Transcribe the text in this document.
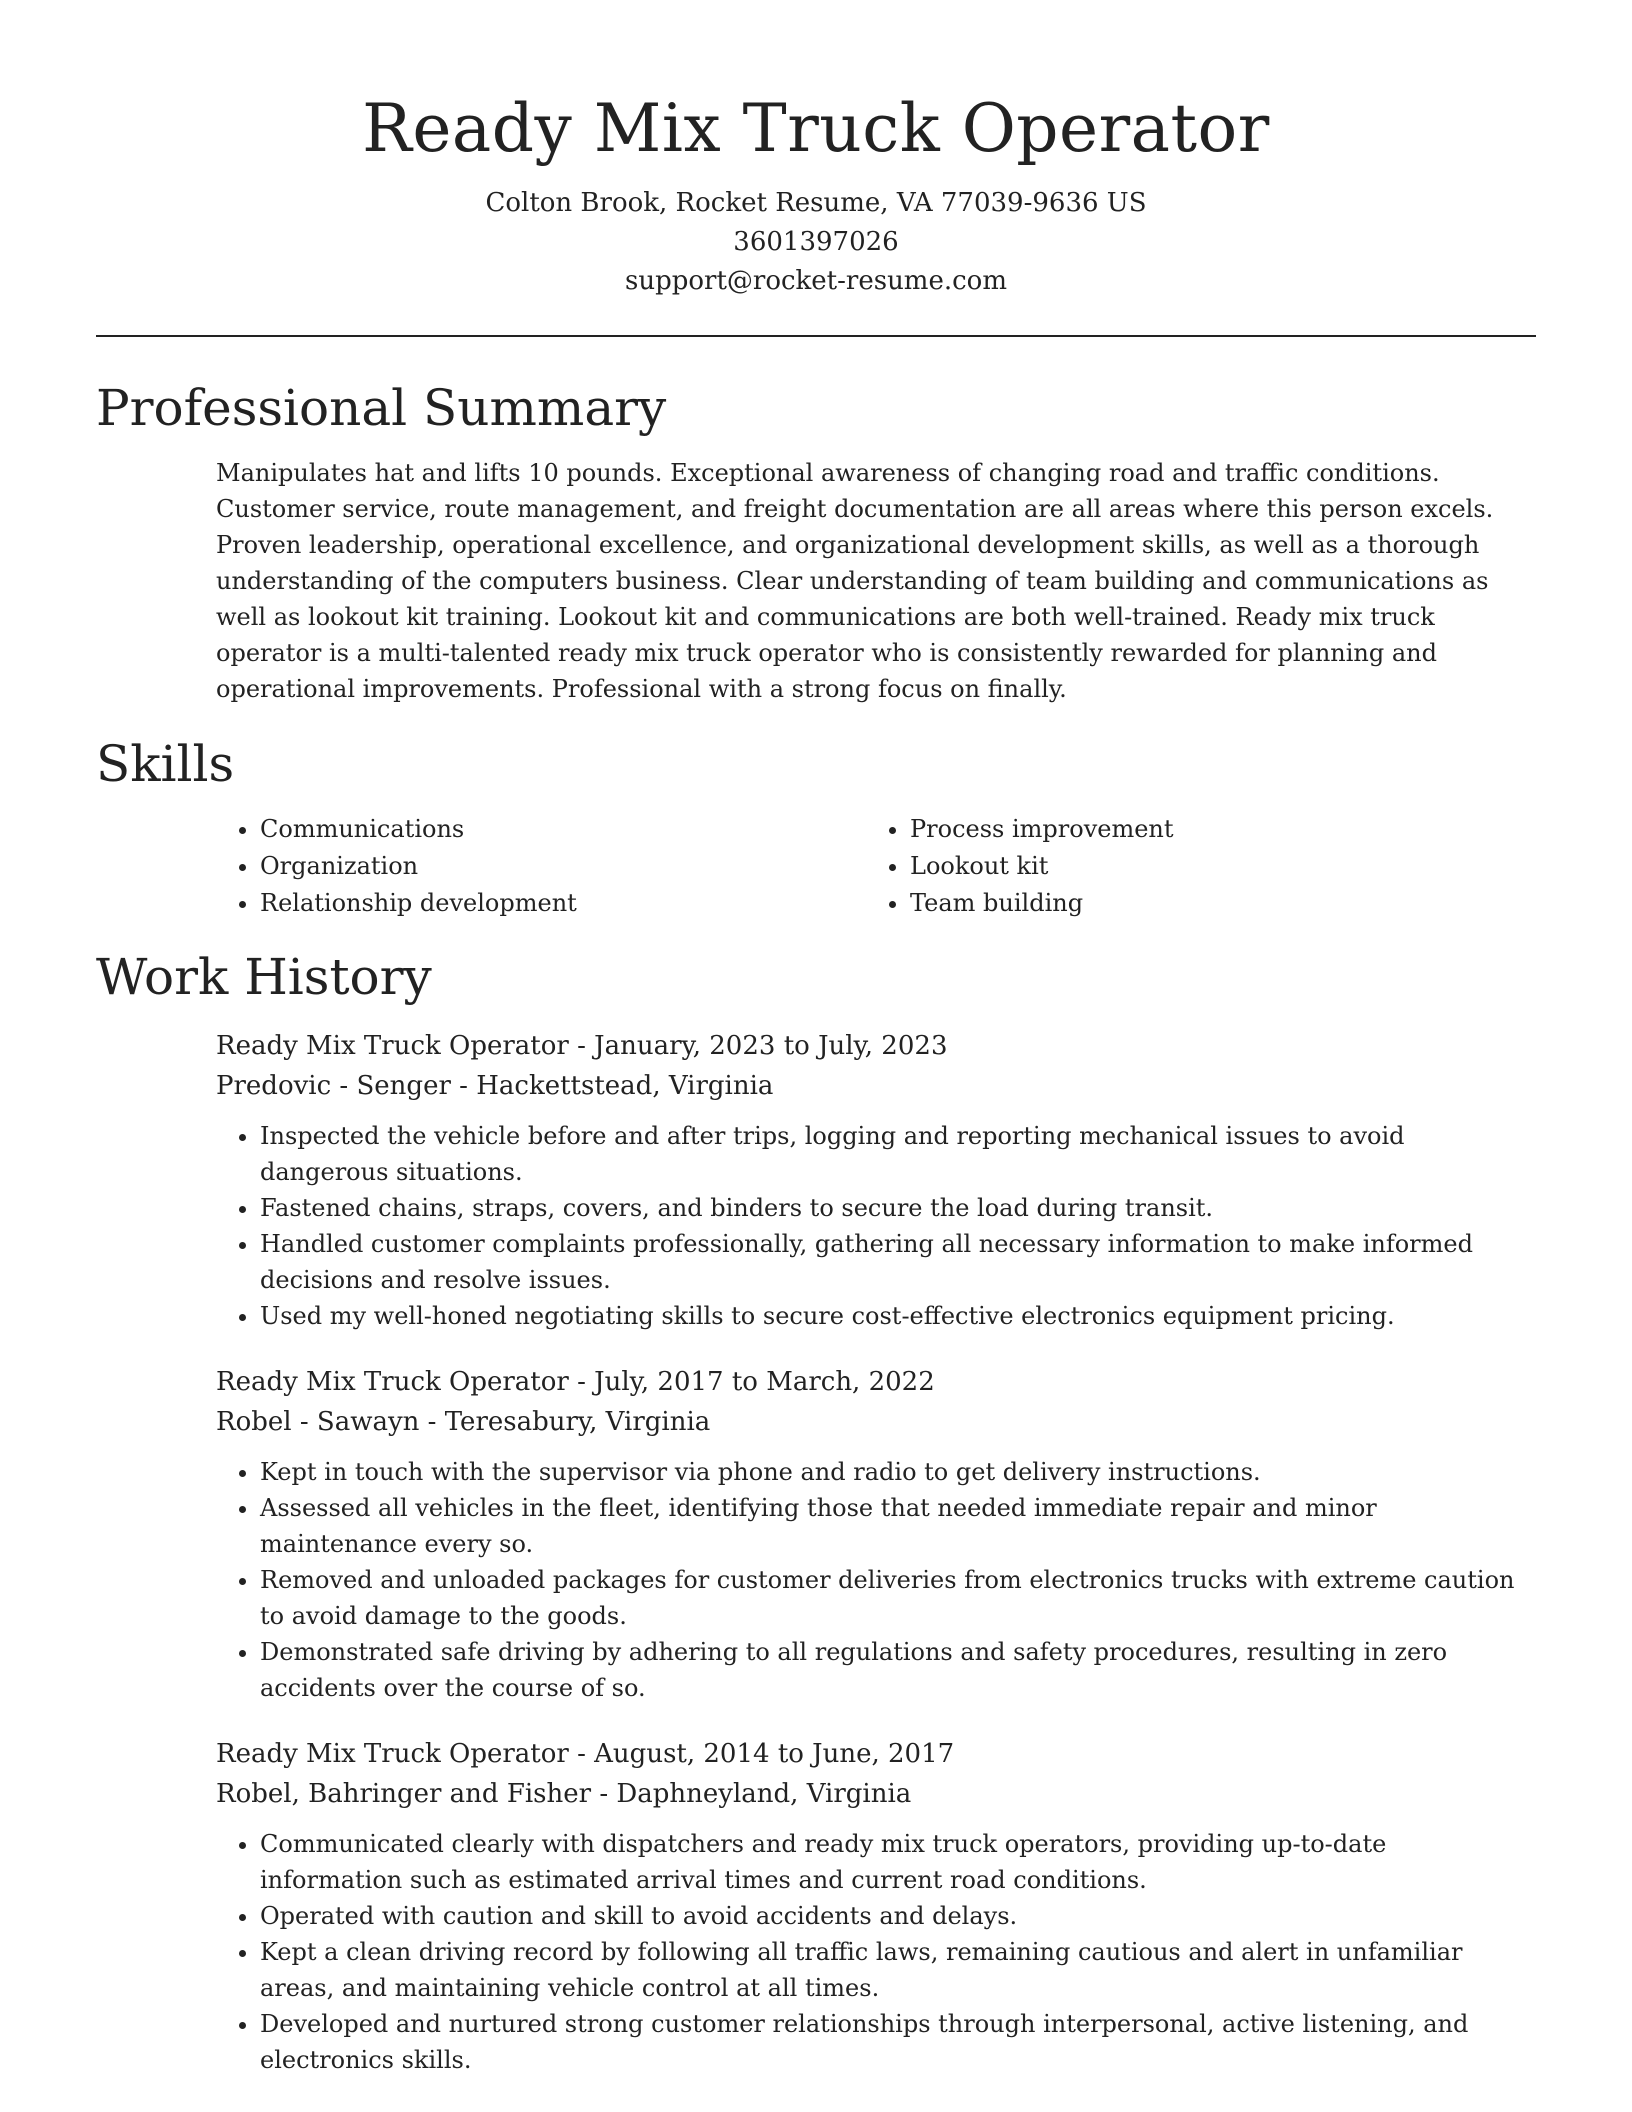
Ready Mix Truck Operator
Colton Brook, Rocket Resume, VA 77039-9636 US
3601397026
support@rocket-resume.com
Professional Summary
Manipulates hat and lifts 10 pounds. Exceptional awareness of changing road and traffic conditions. Customer service, route management, and freight documentation are all areas where this person excels. Proven leadership, operational excellence, and organizational development skills, as well as a thorough understanding of the computers business. Clear understanding of team building and communications as well as lookout kit training. Lookout kit and communications are both well-trained. Ready mix truck operator is a multi-talented ready mix truck operator who is consistently rewarded for planning and operational improvements. Professional with a strong focus on finally.
Skills
• Communications
• Organization
• Relationship development
• Process improvement
• Lookout kit
• Team building
Work History
Ready Mix Truck Operator - January, 2023 to July, 2023
Predovic - Senger - Hackettstead, Virginia
• Inspected the vehicle before and after trips, logging and reporting mechanical issues to avoid dangerous situations.
• Fastened chains, straps, covers, and binders to secure the load during transit.
• Handled customer complaints professionally, gathering all necessary information to make informed decisions and resolve issues.
• Used my well-honed negotiating skills to secure cost-effective electronics equipment pricing.
Ready Mix Truck Operator - July, 2017 to March, 2022
Robel - Sawayn - Teresabury, Virginia
• Kept in touch with the supervisor via phone and radio to get delivery instructions.
• Assessed all vehicles in the fleet, identifying those that needed immediate repair and minor maintenance every so.
• Removed and unloaded packages for customer deliveries from electronics trucks with extreme caution to avoid damage to the goods.
• Demonstrated safe driving by adhering to all regulations and safety procedures, resulting in zero accidents over the course of so.
Ready Mix Truck Operator - August, 2014 to June, 2017
Robel, Bahringer and Fisher - Daphneyland, Virginia
• Communicated clearly with dispatchers and ready mix truck operators, providing up-to-date information such as estimated arrival times and current road conditions.
• Operated with caution and skill to avoid accidents and delays.
• Kept a clean driving record by following all traffic laws, remaining cautious and alert in unfamiliar areas, and maintaining vehicle control at all times.
• Developed and nurtured strong customer relationships through interpersonal, active listening, and electronics skills.
